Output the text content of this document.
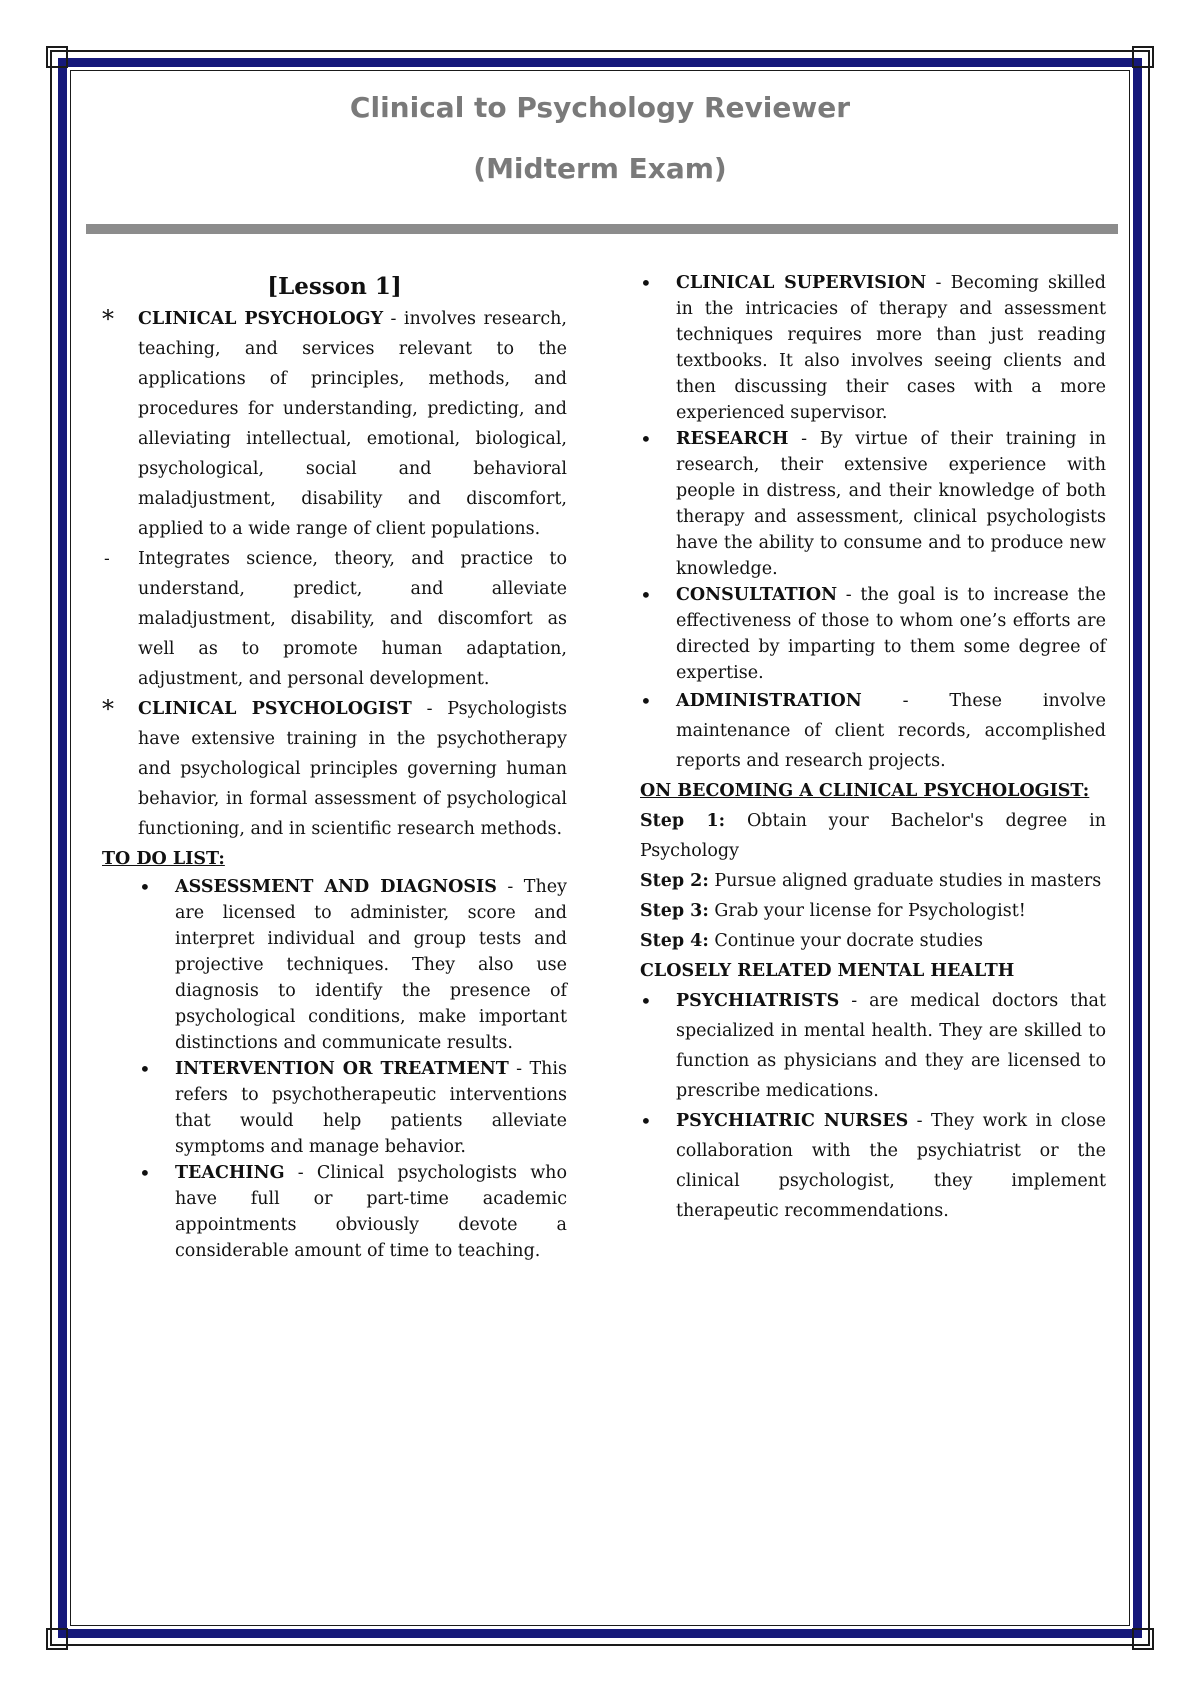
Clinical to Psychology Reviewer
(Midterm Exam)

[Lesson 1]

* CLINICAL PSYCHOLOGY - involves research, teaching, and services relevant to the applications of principles, methods, and procedures for understanding, predicting, and alleviating intellectual, emotional, biological, psychological, social and behavioral maladjustment, disability and discomfort, applied to a wide range of client populations.

- Integrates science, theory, and practice to understand, predict, and alleviate maladjustment, disability, and discomfort as well as to promote human adaptation, adjustment, and personal development.

* CLINICAL PSYCHOLOGIST - Psychologists have extensive training in the psychotherapy and psychological principles governing human behavior, in formal assessment of psychological functioning, and in scientific research methods.

TO DO LIST:

• ASSESSMENT AND DIAGNOSIS - They are licensed to administer, score and interpret individual and group tests and projective techniques. They also use diagnosis to identify the presence of psychological conditions, make important distinctions and communicate results.

• INTERVENTION OR TREATMENT - This refers to psychotherapeutic interventions that would help patients alleviate symptoms and manage behavior.

• TEACHING - Clinical psychologists who have full or part-time academic appointments obviously devote a considerable amount of time to teaching.

• CLINICAL SUPERVISION - Becoming skilled in the intricacies of therapy and assessment techniques requires more than just reading textbooks. It also involves seeing clients and then discussing their cases with a more experienced supervisor.

• RESEARCH - By virtue of their training in research, their extensive experience with people in distress, and their knowledge of both therapy and assessment, clinical psychologists have the ability to consume and to produce new knowledge.

• CONSULTATION - the goal is to increase the effectiveness of those to whom one’s efforts are directed by imparting to them some degree of expertise.

• ADMINISTRATION - These involve maintenance of client records, accomplished reports and research projects.

ON BECOMING A CLINICAL PSYCHOLOGIST:

Step 1: Obtain your Bachelor's degree in Psychology

Step 2: Pursue aligned graduate studies in masters

Step 3: Grab your license for Psychologist!

Step 4: Continue your docrate studies

CLOSELY RELATED MENTAL HEALTH

• PSYCHIATRISTS - are medical doctors that specialized in mental health. They are skilled to function as physicians and they are licensed to prescribe medications.

• PSYCHIATRIC NURSES - They work in close collaboration with the psychiatrist or the clinical psychologist, they implement therapeutic recommendations.
